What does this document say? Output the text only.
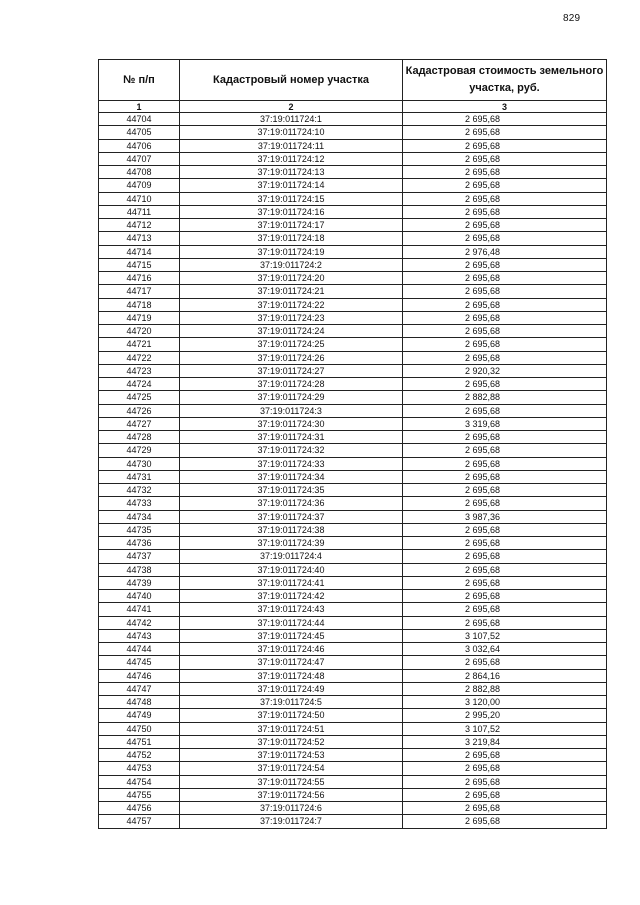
829
№ п/п	Кадастровый номер участка	Кадастровая стоимость земельного участка, руб.
1	2	3
44704	37:19:011724:1	2 695,68
44705	37:19:011724:10	2 695,68
44706	37:19:011724:11	2 695,68
44707	37:19:011724:12	2 695,68
44708	37:19:011724:13	2 695,68
44709	37:19:011724:14	2 695,68
44710	37:19:011724:15	2 695,68
44711	37:19:011724:16	2 695,68
44712	37:19:011724:17	2 695,68
44713	37:19:011724:18	2 695,68
44714	37:19:011724:19	2 976,48
44715	37:19:011724:2	2 695,68
44716	37:19:011724:20	2 695,68
44717	37:19:011724:21	2 695,68
44718	37:19:011724:22	2 695,68
44719	37:19:011724:23	2 695,68
44720	37:19:011724:24	2 695,68
44721	37:19:011724:25	2 695,68
44722	37:19:011724:26	2 695,68
44723	37:19:011724:27	2 920,32
44724	37:19:011724:28	2 695,68
44725	37:19:011724:29	2 882,88
44726	37:19:011724:3	2 695,68
44727	37:19:011724:30	3 319,68
44728	37:19:011724:31	2 695,68
44729	37:19:011724:32	2 695,68
44730	37:19:011724:33	2 695,68
44731	37:19:011724:34	2 695,68
44732	37:19:011724:35	2 695,68
44733	37:19:011724:36	2 695,68
44734	37:19:011724:37	3 987,36
44735	37:19:011724:38	2 695,68
44736	37:19:011724:39	2 695,68
44737	37:19:011724:4	2 695,68
44738	37:19:011724:40	2 695,68
44739	37:19:011724:41	2 695,68
44740	37:19:011724:42	2 695,68
44741	37:19:011724:43	2 695,68
44742	37:19:011724:44	2 695,68
44743	37:19:011724:45	3 107,52
44744	37:19:011724:46	3 032,64
44745	37:19:011724:47	2 695,68
44746	37:19:011724:48	2 864,16
44747	37:19:011724:49	2 882,88
44748	37:19:011724:5	3 120,00
44749	37:19:011724:50	2 995,20
44750	37:19:011724:51	3 107,52
44751	37:19:011724:52	3 219,84
44752	37:19:011724:53	2 695,68
44753	37:19:011724:54	2 695,68
44754	37:19:011724:55	2 695,68
44755	37:19:011724:56	2 695,68
44756	37:19:011724:6	2 695,68
44757	37:19:011724:7	2 695,68
